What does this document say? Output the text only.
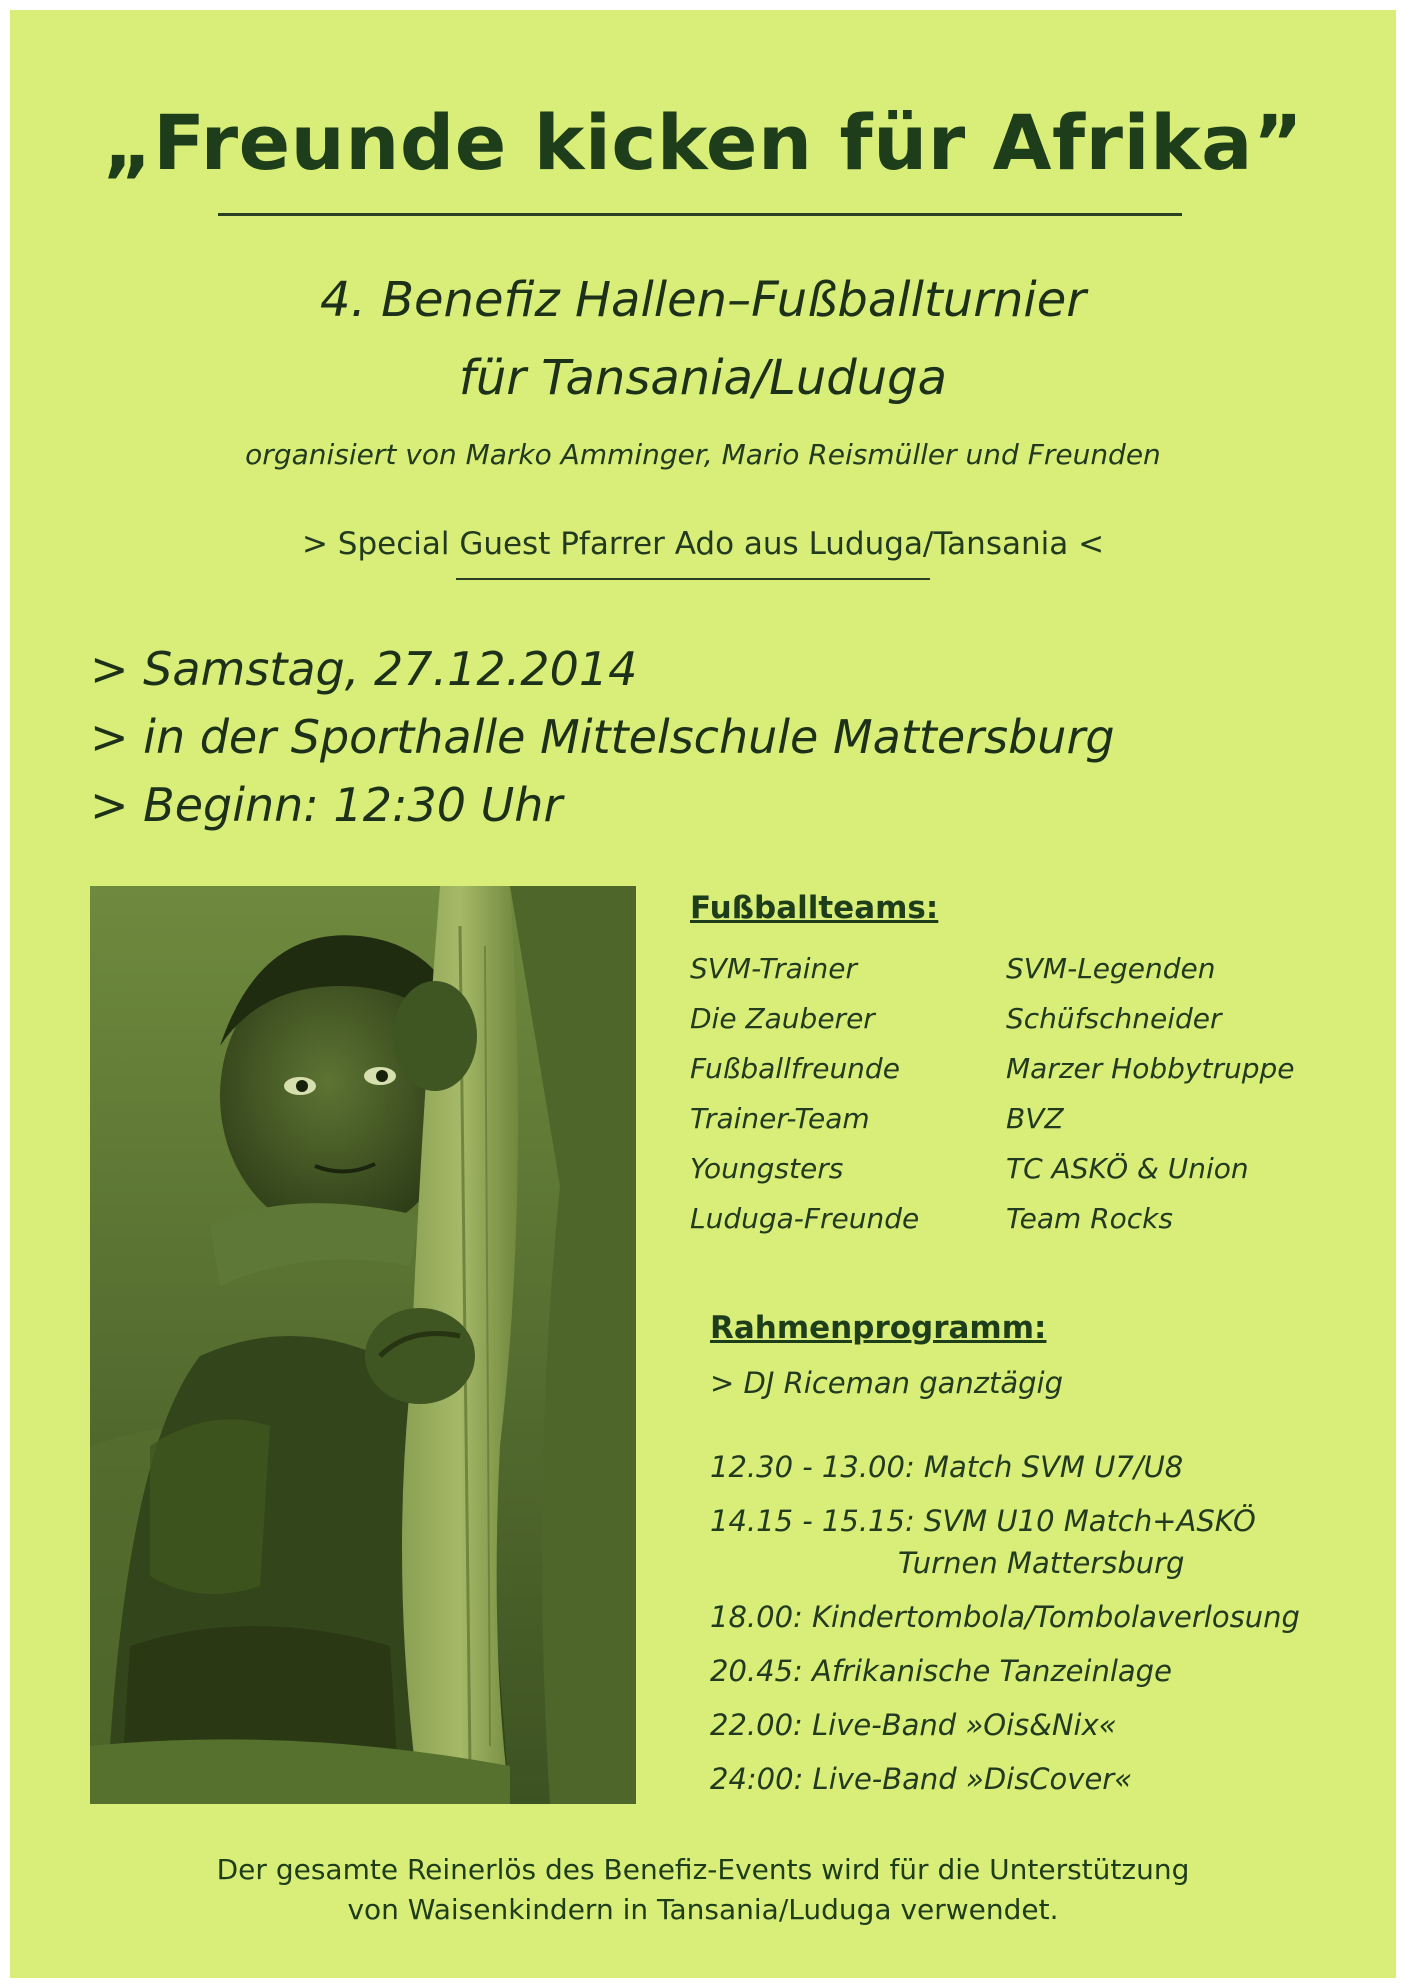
„Freunde kicken für Afrika”
4. Benefiz Hallen–Fußballturnier
für Tansania/Luduga
organisiert von Marko Amminger, Mario Reismüller und Freunden
> Special Guest Pfarrer Ado aus Luduga/Tansania <
> Samstag, 27.12.2014
> in der Sporthalle Mittelschule Mattersburg
> Beginn: 12:30 Uhr
Fußballteams:
SVM-Trainer
Die Zauberer
Fußballfreunde
Trainer-Team
Youngsters
Luduga-Freunde
SVM-Legenden
Schüfschneider
Marzer Hobbytruppe
BVZ
TC ASKÖ & Union
Team Rocks
Rahmenprogramm:
> DJ Riceman ganztägig
12.30 - 13.00: Match SVM U7/U8
14.15 - 15.15: SVM U10 Match+ASKÖ
Turnen Mattersburg
18.00: Kindertombola/Tombolaverlosung
20.45: Afrikanische Tanzeinlage
22.00: Live-Band »Ois&Nix«
24:00: Live-Band »DisCover«
Der gesamte Reinerlös des Benefiz-Events wird für die Unterstützung
von Waisenkindern in Tansania/Luduga verwendet.
